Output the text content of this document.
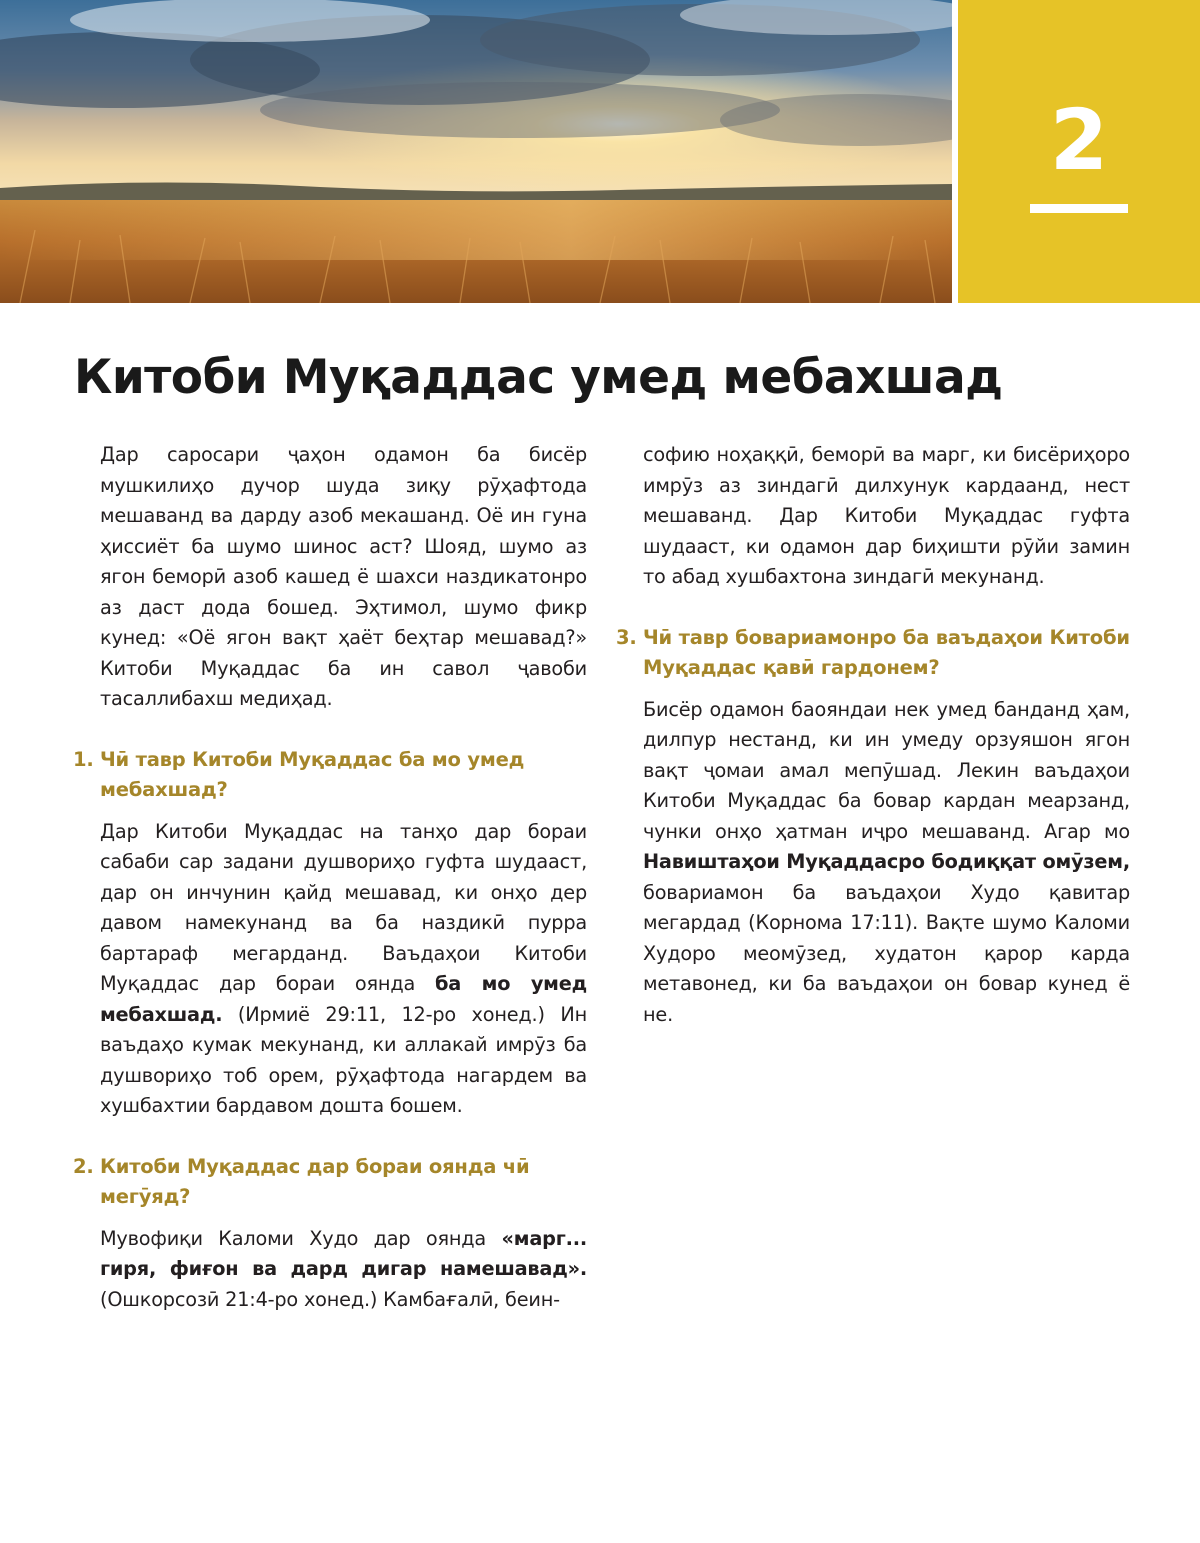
2
Китоби Муқаддас умед мебахшад

Дар саросари ҷаҳон одамон ба бисёр мушкилиҳо дучор шуда зиқу рӯҳафтода мешаванд ва дарду азоб мекашанд. Оё ин гуна ҳиссиёт ба шумо шинос аст? Шояд, шумо аз ягон беморӣ азоб кашед ё шахси наздикатонро аз даст дода бошед. Эҳтимол, шумо фикр кунед: «Оё ягон вақт ҳаёт беҳтар мешавад?» Китоби Муқаддас ба ин савол ҷавоби тасаллибахш медиҳад.

1. Чӣ тавр Китоби Муқаддас ба мо умед мебахшад?

Дар Китоби Муқаддас на танҳо дар бораи сабаби сар задани душвориҳо гуфта шудааст, дар он инчунин қайд мешавад, ки онҳо дер давом намекунанд ва ба наздикӣ пурра бартараф мегарданд. Ваъдаҳои Китоби Муқаддас дар бораи оянда ба мо умед мебахшад. (Ирмиё 29:11, 12-ро хонед.) Ин ваъдаҳо кумак мекунанд, ки аллакай имрӯз ба душвориҳо тоб орем, рӯҳафтода нагардем ва хушбахтии бардавом дошта бошем.

2. Китоби Муқаддас дар бораи оянда чӣ мегӯяд?

Мувофиқи Каломи Худо дар оянда «марг... гиря, фиғон ва дард дигар намешавад». (Ошкорсозӣ 21:4-ро хонед.) Камбағалӣ, беин-

софию ноҳаққӣ, беморӣ ва марг, ки бисёриҳоро имрӯз аз зиндагӣ дилхунук кардаанд, нест мешаванд. Дар Китоби Муқаддас гуфта шудааст, ки одамон дар биҳишти рӯйи замин то абад хушбахтона зиндагӣ мекунанд.

3. Чӣ тавр бовариамонро ба ваъдаҳои Китоби Муқаддас қавӣ гардонем?

Бисёр одамон баояндаи нек умед банданд ҳам, дилпур нестанд, ки ин умеду орзуяшон ягон вақт ҷомаи амал мепӯшад. Лекин ваъдаҳои Китоби Муқаддас ба бовар кардан меарзанд, чунки онҳо ҳатман иҷро мешаванд. Агар мо Навиштаҳои Муқаддасро бодиққат омӯзем, бовариамон ба ваъдаҳои Худо қавитар мегардад (Корнома 17:11). Вақте шумо Каломи Худоро меомӯзед, худатон қарор карда метавонед, ки ба ваъдаҳои он бовар кунед ё не.
